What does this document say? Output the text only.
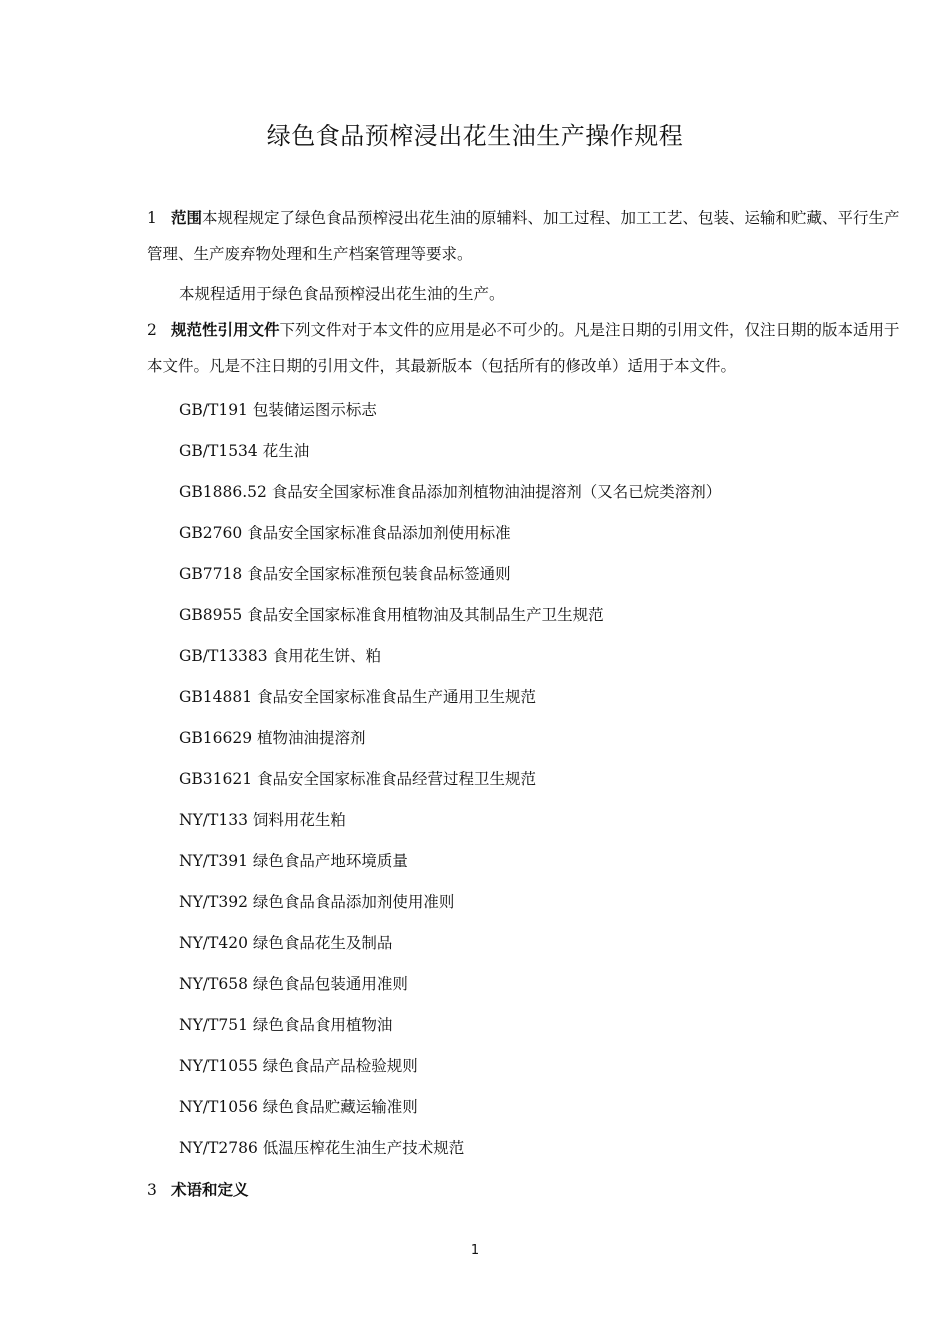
绿色食品预榨浸出花生油生产操作规程
1 范围本规程规定了绿色食品预榨浸出花生油的原辅料、加工过程、加工工艺、包装、运输和贮藏、平行生产管理、生产废弃物处理和生产档案管理等要求。
本规程适用于绿色食品预榨浸出花生油的生产。
2 规范性引用文件下列文件对于本文件的应用是必不可少的。凡是注日期的引用文件，仅注日期的版本适用于本文件。凡是不注日期的引用文件，其最新版本（包括所有的修改单）适用于本文件。
GB/T191 包装储运图示标志
GB/T1534 花生油
GB1886.52 食品安全国家标准食品添加剂植物油油提溶剂（又名已烷类溶剂）
GB2760 食品安全国家标准食品添加剂使用标准
GB7718 食品安全国家标准预包装食品标签通则
GB8955 食品安全国家标准食用植物油及其制品生产卫生规范
GB/T13383 食用花生饼、粕
GB14881 食品安全国家标准食品生产通用卫生规范
GB16629 植物油油提溶剂
GB31621 食品安全国家标准食品经营过程卫生规范
NY/T133 饲料用花生粕
NY/T391 绿色食品产地环境质量
NY/T392 绿色食品食品添加剂使用准则
NY/T420 绿色食品花生及制品
NY/T658 绿色食品包装通用准则
NY/T751 绿色食品食用植物油
NY/T1055 绿色食品产品检验规则
NY/T1056 绿色食品贮藏运输准则
NY/T2786 低温压榨花生油生产技术规范
3 术语和定义
1
